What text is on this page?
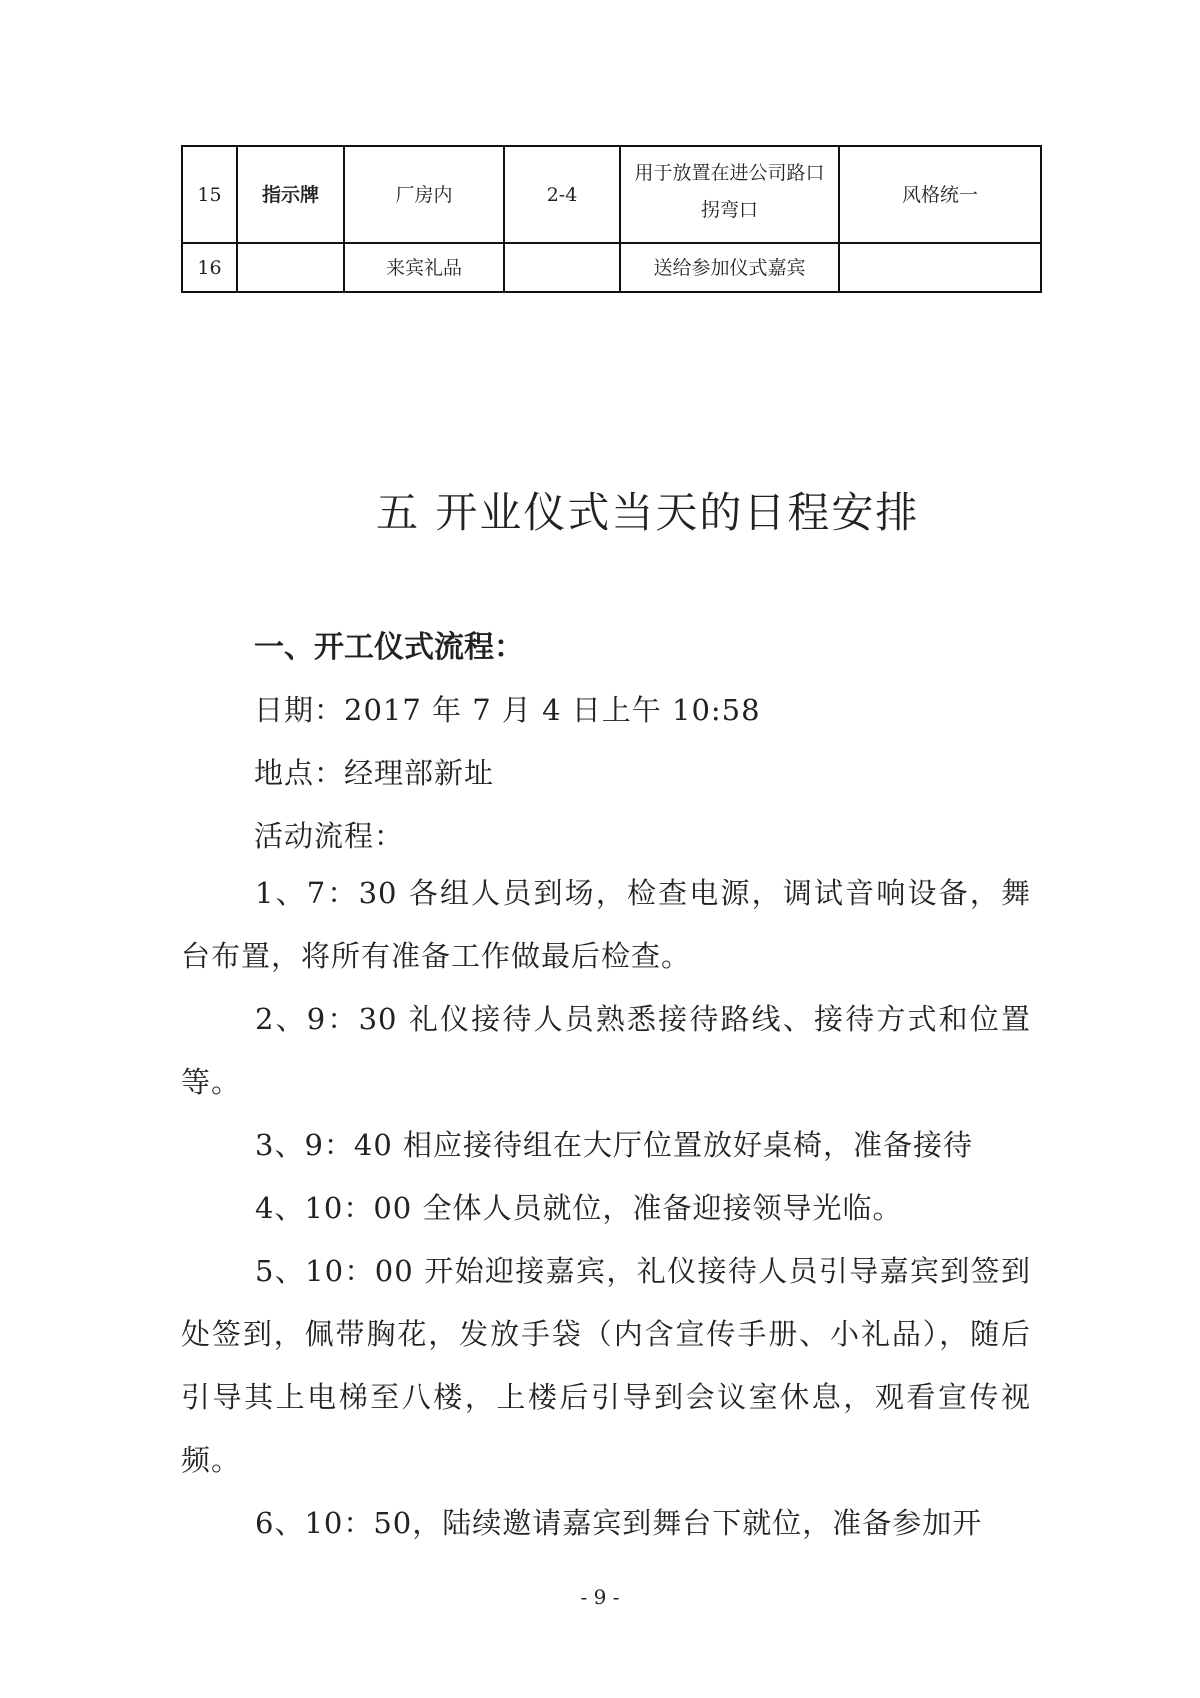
15	指示牌	厂房内	2-4	用于放置在进公司路口
拐弯口	风格统一
16		来宾礼品		送给参加仪式嘉宾	

五 开业仪式当天的日程安排
一、开工仪式流程：
日期：2017 年 7 月 4 日上午 10:58
地点：经理部新址
活动流程：

1、7：30 各组人员到场，检查电源，调试音响设备，舞台布置，将所有准备工作做最后检查。

2、9：30 礼仪接待人员熟悉接待路线、接待方式和位置等。

3、9：40 相应接待组在大厅位置放好桌椅，准备接待

4、10：00 全体人员就位，准备迎接领导光临。

5、10：00 开始迎接嘉宾，礼仪接待人员引导嘉宾到签到处签到，佩带胸花，发放手袋（内含宣传手册、小礼品），随后引导其上电梯至八楼，上楼后引导到会议室休息，观看宣传视频。

6、10：50，陆续邀请嘉宾到舞台下就位，准备参加开

- 9 -
